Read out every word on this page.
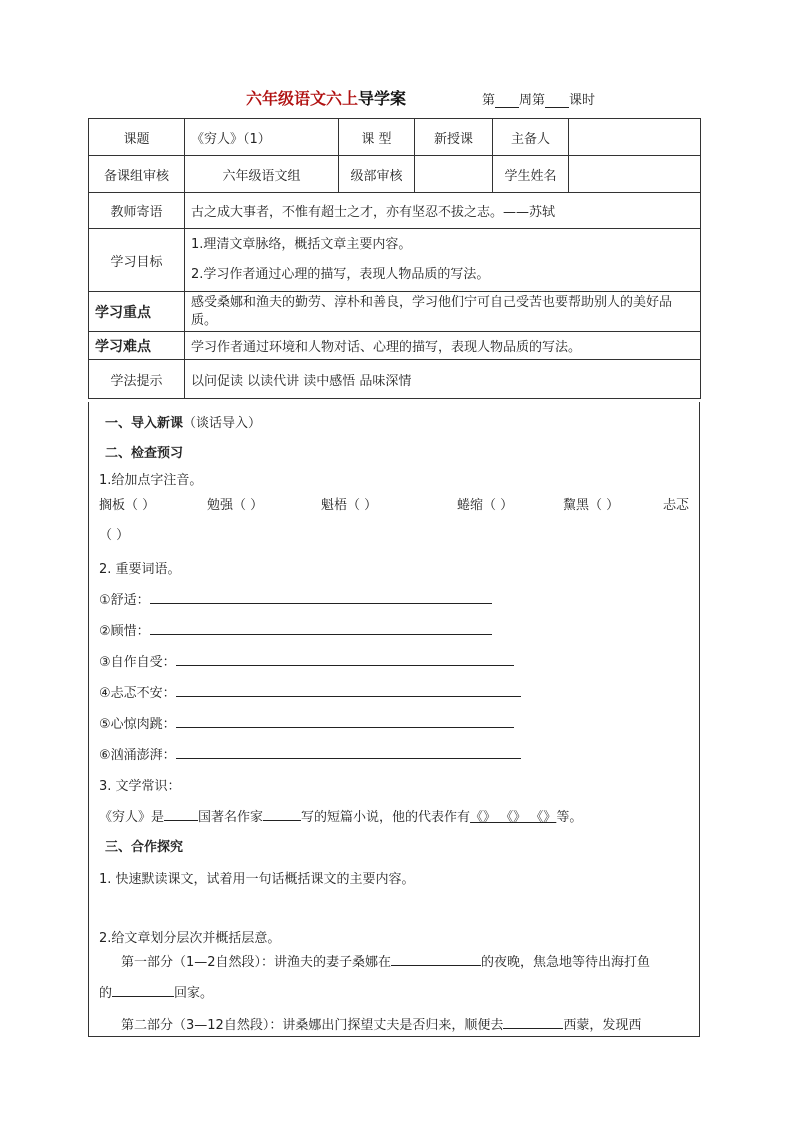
六年级语文六上导学案	第 周第 课时
课题	《穷人》（1）	课 型	新授课	主备人	
备课组审核	六年级语文组	级部审核		学生姓名	
教师寄语	古之成大事者，不惟有超士之才，亦有坚忍不拔之志。——苏轼				
学习目标	1.理清文章脉络，概括文章主要内容。
2.学习作者通过心理的描写，表现人物品质的写法。				

学习重点	感受桑娜和渔夫的勤劳、淳朴和善良，学习他们宁可自己受苦也要帮助别人的美好品质。				
学习难点	学习作者通过环境和人物对话、心理的描写，表现人物品质的写法。				
学法提示	以问促读 以读代讲 读中感悟 品味深情				
一、导入新课（谈话导入）
二、检查预习
1.给加点字注音。
搁板（ ）	勉强（ ）	魁梧（ ）	蜷缩（ ）	黧黑（ ）	忐忑
（ ）
2. 重要词语。
①舒适：
②顾惜：
③自作自受：
④忐忑不安：
⑤心惊肉跳：
⑥汹涌澎湃：
3. 文学常识：
《穷人》是	国著名作家	写的短篇小说，他的代表作有《》 《》 《》等。
三、合作探究
1. 快速默读课文，试着用一句话概括课文的主要内容。
2.给文章划分层次并概括层意。
第一部分（1—2自然段）：讲渔夫的妻子桑娜在	的夜晚，焦急地等待出海打鱼
的	回家。
第二部分（3—12自然段）：讲桑娜出门探望丈夫是否归来，顺便去	西蒙，发现西
